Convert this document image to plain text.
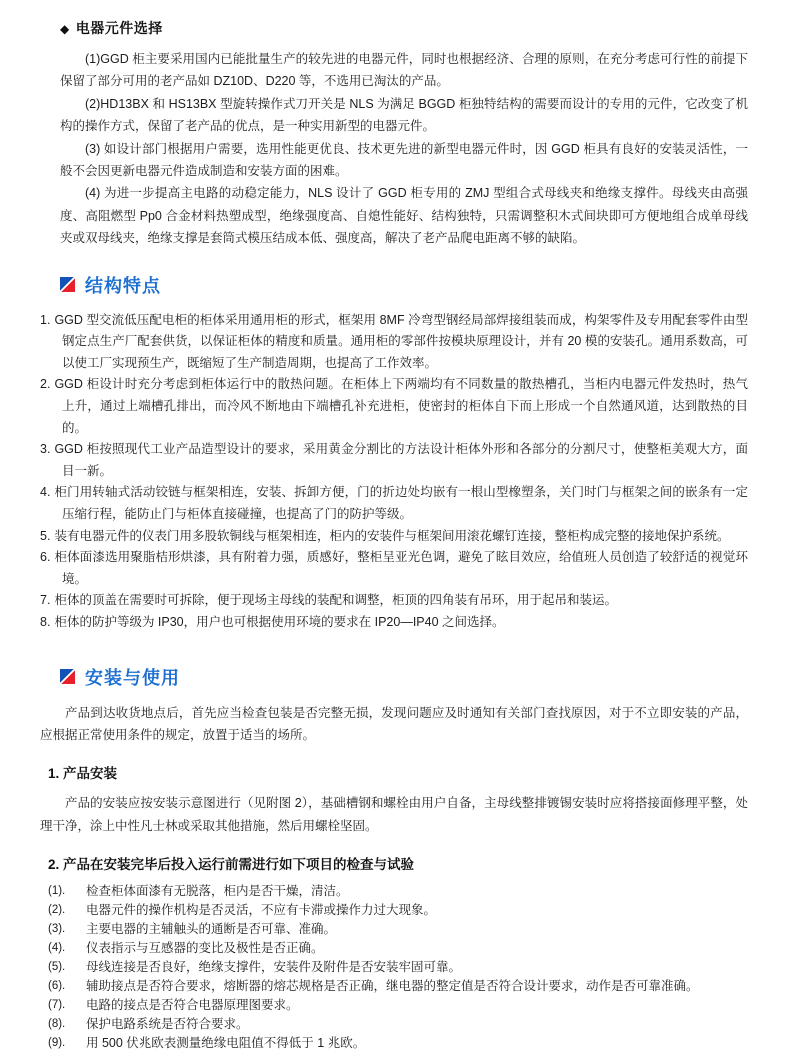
◆ 电器元件选择

(1)GGD 柜主要采用国内已能批量生产的较先进的电器元件，同时也根据经济、合理的原则，在充分考虑可行性的前提下保留了部分可用的老产品如 DZ10D、D220 等，不选用已淘汰的产品。

(2)HD13BX 和 HS13BX 型旋转操作式刀开关是 NLS 为满足 BGGD 柜独特结构的需要而设计的专用的元件，它改变了机构的操作方式，保留了老产品的优点，是一种实用新型的电器元件。

(3) 如设计部门根据用户需要，选用性能更优良、技术更先进的新型电器元件时，因 GGD 柜具有良好的安装灵活性，一般不会因更新电器元件造成制造和安装方面的困难。

(4) 为进一步提高主电路的动稳定能力，NLS 设计了 GGD 柜专用的 ZMJ 型组合式母线夹和绝缘支撑件。母线夹由高强度、高阻燃型 Pp0 合金材料热塑成型，绝缘强度高、自熄性能好、结构独特，只需调整积木式间块即可方便地组合成单母线夹或双母线夹，绝缘支撑是套筒式模压结成本低、强度高，解决了老产品爬电距离不够的缺陷。

结构特点

1. GGD 型交流低压配电柜的柜体采用通用柜的形式，框架用 8MF 冷弯型钢经局部焊接组装而成，构架零件及专用配套零件由型钢定点生产厂配套供货，以保证柜体的精度和质量。通用柜的零部件按模块原理设计，并有 20 模的安装孔。通用系数高，可以使工厂实现预生产，既缩短了生产制造周期，也提高了工作效率。

2. GGD 柜设计时充分考虑到柜体运行中的散热问题。在柜体上下两端均有不同数量的散热槽孔，当柜内电器元件发热时，热气上升，通过上端槽孔排出，而冷风不断地由下端槽孔补充进柜，使密封的柜体自下而上形成一个自然通风道，达到散热的目的。

3. GGD 柜按照现代工业产品造型设计的要求，采用黄金分割比的方法设计柜体外形和各部分的分割尺寸，使整柜美观大方，面目一新。

4. 柜门用转轴式活动铰链与框架相连，安装、拆卸方便，门的折边处均嵌有一根山型橡塑条，关门时门与框架之间的嵌条有一定压缩行程，能防止门与柜体直接碰撞，也提高了门的防护等级。

5. 装有电器元件的仪表门用多股软铜线与框架相连，柜内的安装件与框架间用滚花螺钉连接，整柜构成完整的接地保护系统。

6. 柜体面漆选用聚脂桔形烘漆，具有附着力强，质感好，整柜呈亚光色调，避免了眩目效应，给值班人员创造了较舒适的视觉环境。

7. 柜体的顶盖在需要时可拆除，便于现场主母线的装配和调整，柜顶的四角装有吊环，用于起吊和装运。

8. 柜体的防护等级为 IP30，用户也可根据使用环境的要求在 IP20—IP40 之间选择。

安装与使用

产品到达收货地点后，首先应当检查包装是否完整无损，发现问题应及时通知有关部门查找原因，对于不立即安装的产品，应根据正常使用条件的规定，放置于适当的场所。

1. 产品安装

产品的安装应按安装示意图进行（见附图 2），基础槽钢和螺栓由用户自备，主母线整排镀锡安装时应将搭接面修理平整，处理干净，涂上中性凡士林或采取其他措施，然后用螺栓坚固。

2. 产品在安装完毕后投入运行前需进行如下项目的检查与试验
(1).	检查柜体面漆有无脱落，柜内是否干燥，清洁。
(2).	电器元件的操作机构是否灵活，不应有卡滞或操作力过大现象。
(3).	主要电器的主辅触头的通断是否可靠、准确。
(4).	仪表指示与互感器的变比及极性是否正确。
(5).	母线连接是否良好，绝缘支撑件，安装件及附件是否安装牢固可靠。
(6).	辅助接点是否符合要求，熔断器的熔芯规格是否正确，继电器的整定值是否符合设计要求，动作是否可靠准确。
(7).	电路的接点是否符合电器原理图要求。
(8).	保护电路系统是否符合要求。
(9).	用 500 伏兆欧表测量绝缘电阻值不得低于 1 兆欧。
